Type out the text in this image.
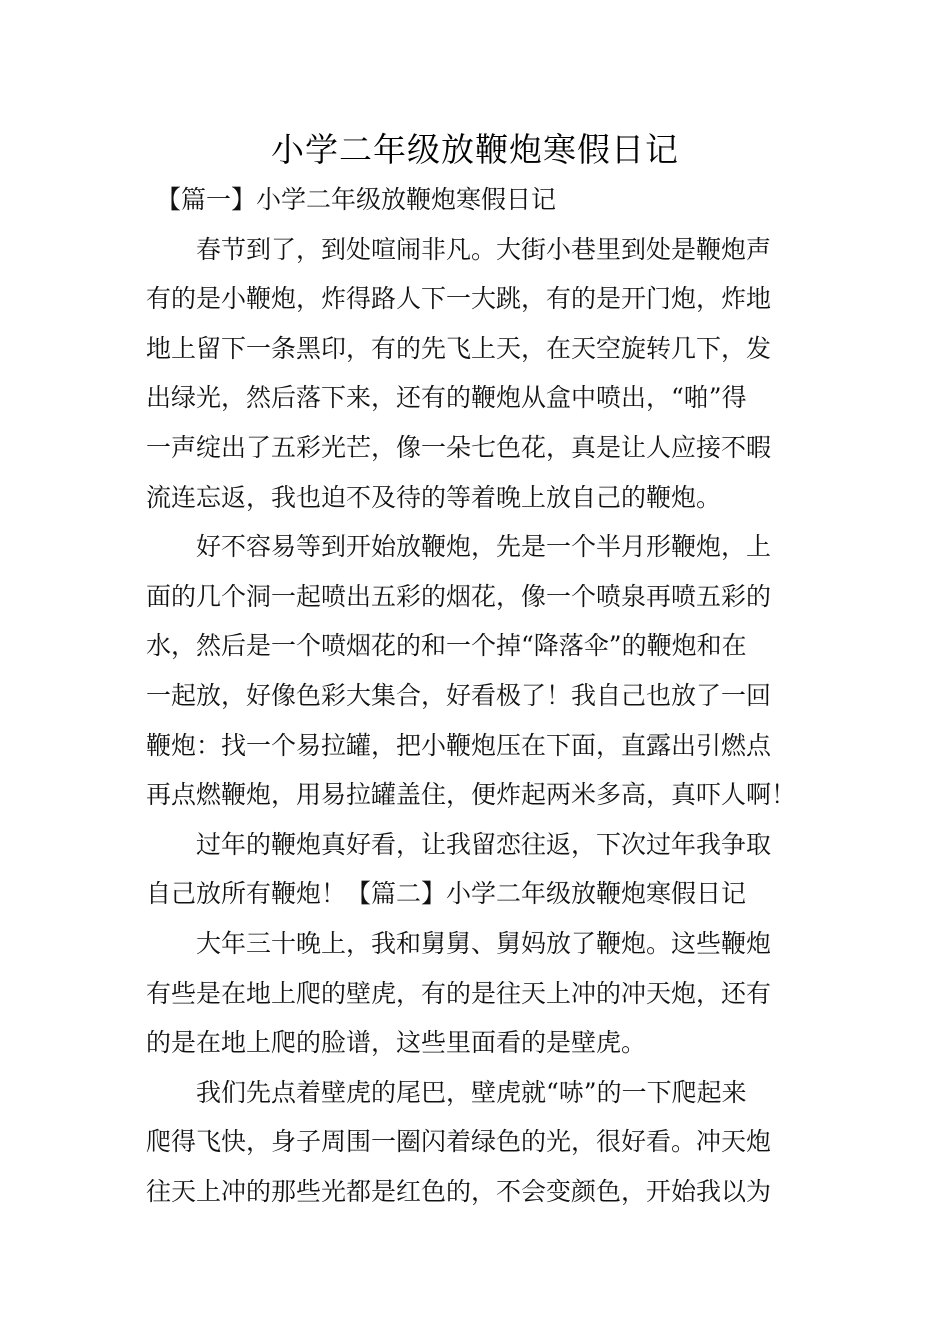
小学二年级放鞭炮寒假日记
【篇一】小学二年级放鞭炮寒假日记
春节到了，到处喧闹非凡。大街小巷里到处是鞭炮声
有的是小鞭炮，炸得路人下一大跳，有的是开门炮，炸地
地上留下一条黑印，有的先飞上天，在天空旋转几下，发
出绿光，然后落下来，还有的鞭炮从盒中喷出，“啪”得
一声绽出了五彩光芒，像一朵七色花，真是让人应接不暇
流连忘返，我也迫不及待的等着晚上放自己的鞭炮。
好不容易等到开始放鞭炮，先是一个半月形鞭炮，上
面的几个洞一起喷出五彩的烟花，像一个喷泉再喷五彩的
水，然后是一个喷烟花的和一个掉“降落伞”的鞭炮和在
一起放，好像色彩大集合，好看极了！我自己也放了一回
鞭炮：找一个易拉罐，把小鞭炮压在下面，直露出引燃点
再点燃鞭炮，用易拉罐盖住，便炸起两米多高，真吓人啊！
过年的鞭炮真好看，让我留恋往返，下次过年我争取
自己放所有鞭炮！【篇二】小学二年级放鞭炮寒假日记
大年三十晚上，我和舅舅、舅妈放了鞭炮。这些鞭炮
有些是在地上爬的壁虎，有的是往天上冲的冲天炮，还有
的是在地上爬的脸谱，这些里面看的是壁虎。
我们先点着壁虎的尾巴，壁虎就“哧”的一下爬起来
爬得飞快，身子周围一圈闪着绿色的光，很好看。冲天炮
往天上冲的那些光都是红色的，不会变颜色，开始我以为
